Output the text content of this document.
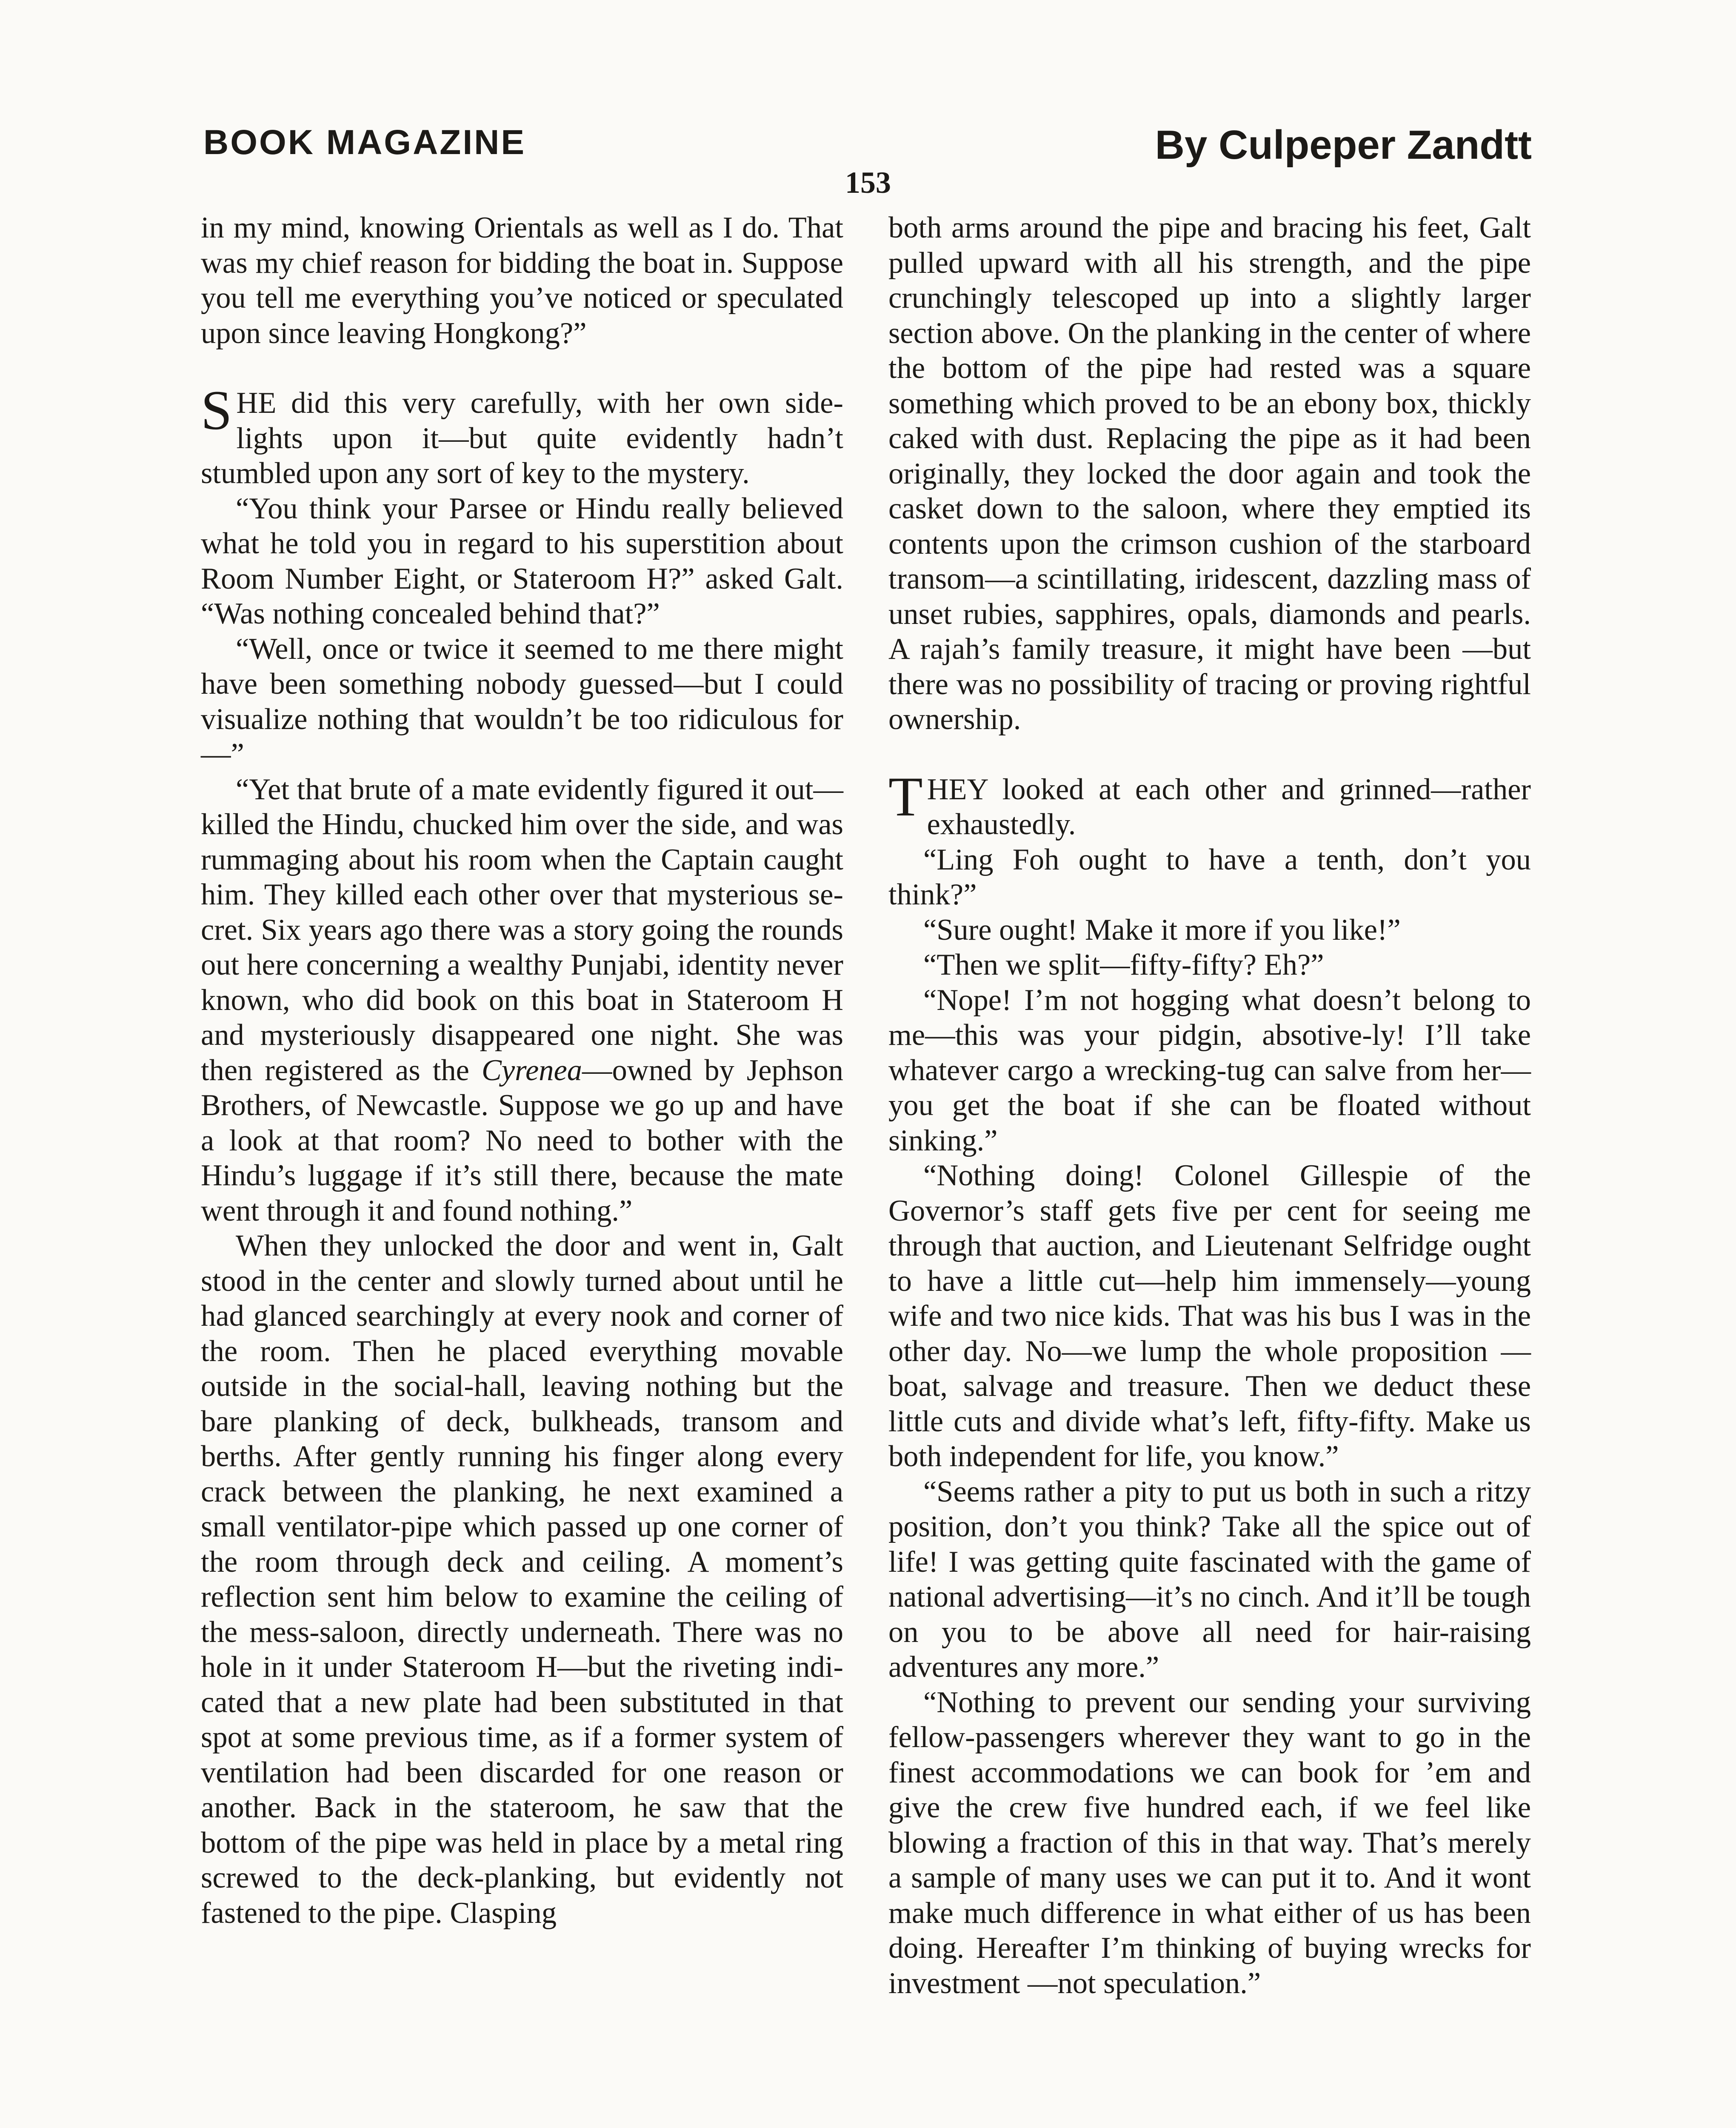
BOOK MAGAZINE	By Culpeper Zandtt
153

in my mind, knowing Orientals as well as I do. That was my chief reason for bidding the boat in. Suppose you tell me everything you’ve noticed or speculated upon since leaving Hongkong?”

SHE did this very carefully, with her own side-lights upon it—but quite evidently hadn’t stumbled upon any sort of key to the mystery.

“You think your Parsee or Hindu really believed what he told you in regard to his superstition about Room Number Eight, or Stateroom H?” asked Galt. “Was nothing concealed behind that?”

“Well, once or twice it seemed to me there might have been something nobody guessed—but I could visualize nothing that wouldn’t be too ridiculous for—”

“Yet that brute of a mate evidently figured it out—killed the Hindu, chucked him over the side, and was rummaging about his room when the Captain caught him. They killed each other over that mysterious secret. Six years ago there was a story going the rounds out here concerning a wealthy Punjabi, identity never known, who did book on this boat in Stateroom H and mysteriously disappeared one night. She was then registered as the Cyrenea—owned by Jephson Brothers, of Newcastle. Suppose we go up and have a look at that room? No need to bother with the Hindu’s luggage if it’s still there, because the mate went through it and found nothing.”

When they unlocked the door and went in, Galt stood in the center and slowly turned about until he had glanced searchingly at every nook and corner of the room. Then he placed everything movable outside in the social-hall, leaving nothing but the bare planking of deck, bulkheads, transom and berths. After gently running his finger along every crack between the planking, he next examined a small ventilator-pipe which passed up one corner of the room through deck and ceiling. A moment’s reflection sent him below to examine the ceiling of the mess-saloon, directly underneath. There was no hole in it under Stateroom H—but the riveting indicated that a new plate had been substituted in that spot at some previous time, as if a former system of ventilation had been discarded for one reason or another. Back in the stateroom, he saw that the bottom of the pipe was held in place by a metal ring screwed to the deck-planking, but evidently not fastened to the pipe. Clasping

both arms around the pipe and bracing his feet, Galt pulled upward with all his strength, and the pipe crunchingly telescoped up into a slightly larger section above. On the planking in the center of where the bottom of the pipe had rested was a square something which proved to be an ebony box, thickly caked with dust. Replacing the pipe as it had been originally, they locked the door again and took the casket down to the saloon, where they emptied its contents upon the crimson cushion of the starboard transom—a scintillating, iridescent, dazzling mass of unset rubies, sapphires, opals, diamonds and pearls. A rajah’s family treasure, it might have been —but there was no possibility of tracing or proving rightful ownership.

THEY looked at each other and grinned—rather exhaustedly.

“Ling Foh ought to have a tenth, don’t you think?”

“Sure ought! Make it more if you like!”

“Then we split—fifty-fifty? Eh?”

“Nope! I’m not hogging what doesn’t belong to me—this was your pidgin, absotive-ly! I’ll take whatever cargo a wrecking-tug can salve from her—you get the boat if she can be floated without sinking.”

“Nothing doing! Colonel Gillespie of the Governor’s staff gets five per cent for seeing me through that auction, and Lieutenant Selfridge ought to have a little cut—help him immensely—young wife and two nice kids. That was his bus I was in the other day. No—we lump the whole proposition —boat, salvage and treasure. Then we deduct these little cuts and divide what’s left, fifty-fifty. Make us both independent for life, you know.”

“Seems rather a pity to put us both in such a ritzy position, don’t you think? Take all the spice out of life! I was getting quite fascinated with the game of national advertising—it’s no cinch. And it’ll be tough on you to be above all need for hair-raising adventures any more.”

“Nothing to prevent our sending your surviving fellow-passengers wherever they want to go in the finest accommodations we can book for ’em and give the crew five hundred each, if we feel like blowing a fraction of this in that way. That’s merely a sample of many uses we can put it to. And it wont make much difference in what either of us has been doing. Hereafter I’m thinking of buying wrecks for investment —not speculation.”
